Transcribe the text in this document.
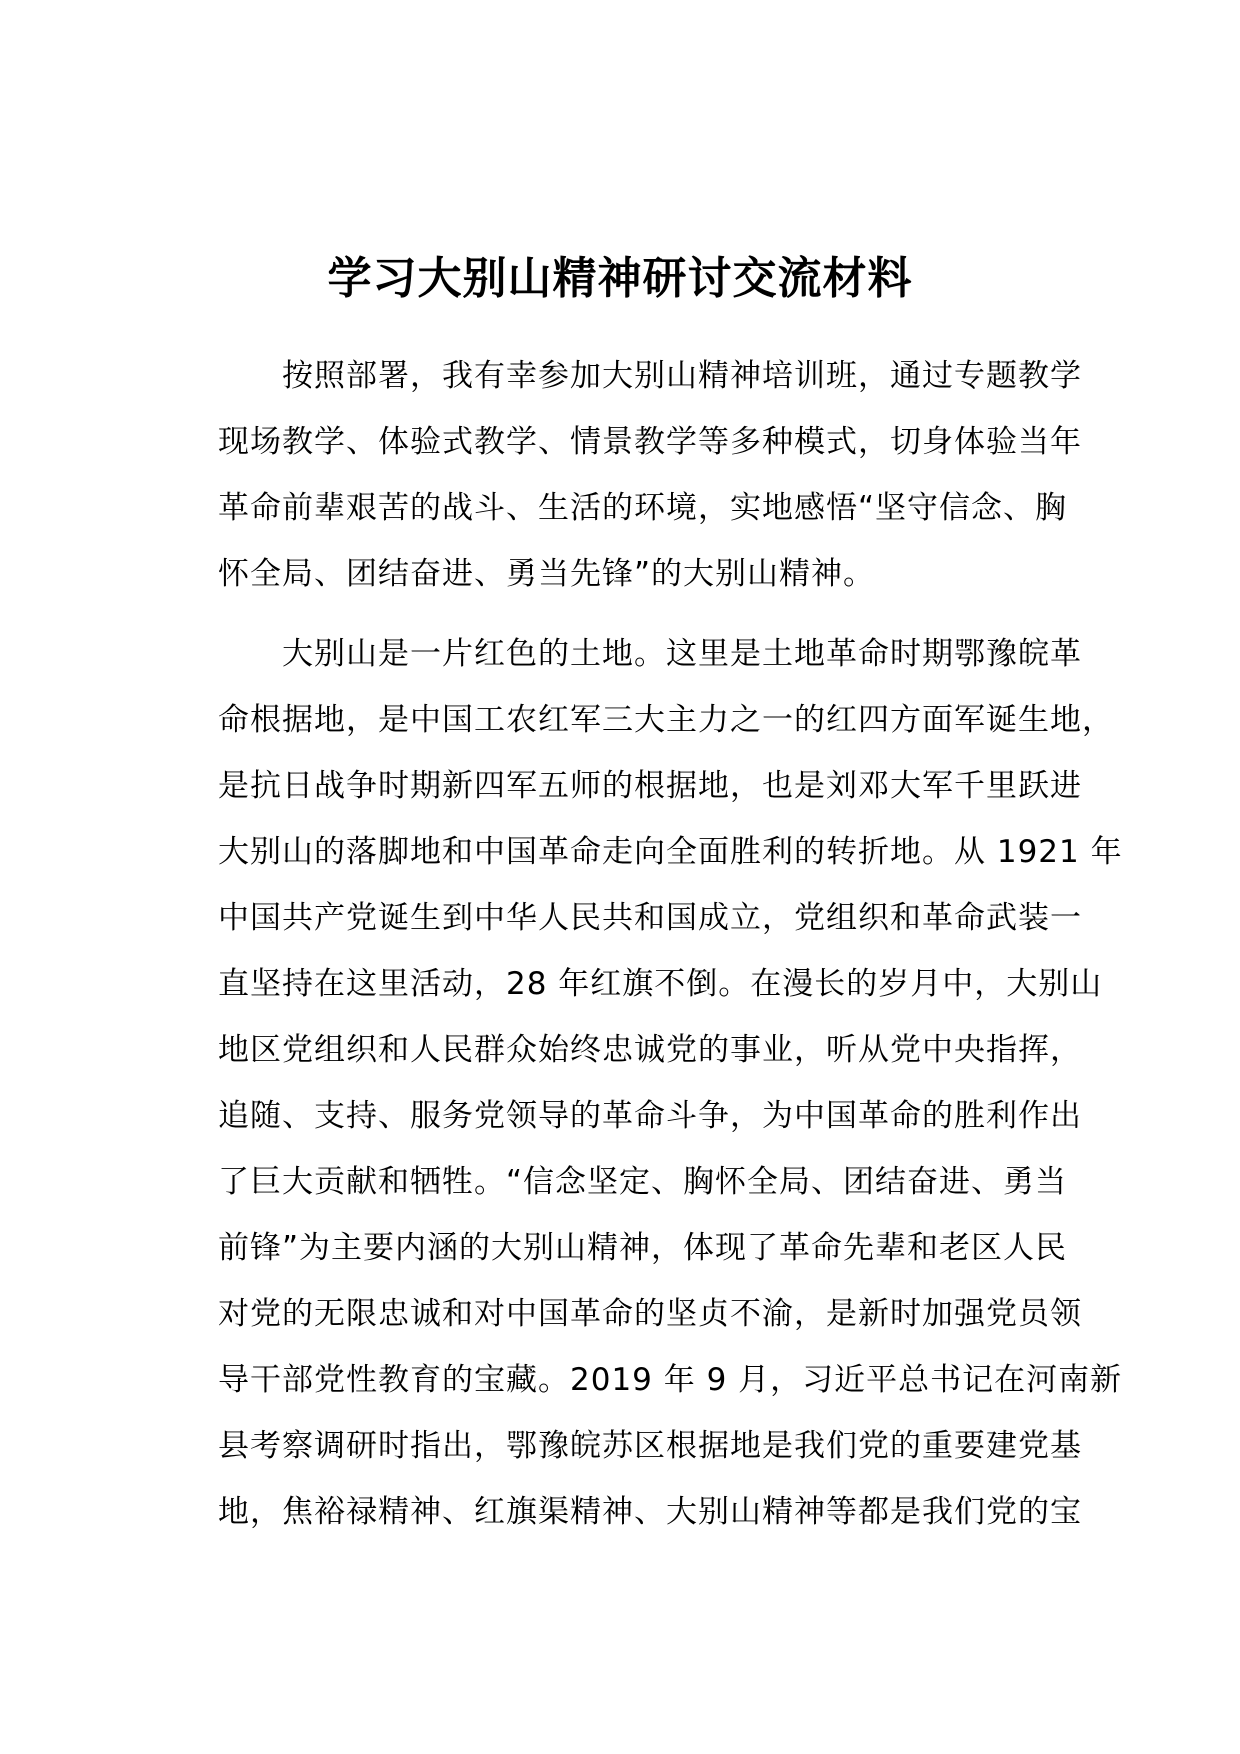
学习大别山精神研讨交流材料
按照部署，我有幸参加大别山精神培训班，通过专题教学
现场教学、体验式教学、情景教学等多种模式，切身体验当年
革命前辈艰苦的战斗、生活的环境，实地感悟“坚守信念、胸
怀全局、团结奋进、勇当先锋”的大别山精神。
大别山是一片红色的土地。这里是土地革命时期鄂豫皖革
命根据地，是中国工农红军三大主力之一的红四方面军诞生地，
是抗日战争时期新四军五师的根据地，也是刘邓大军千里跃进
大别山的落脚地和中国革命走向全面胜利的转折地。从 1921 年
中国共产党诞生到中华人民共和国成立，党组织和革命武装一
直坚持在这里活动，28 年红旗不倒。在漫长的岁月中，大别山
地区党组织和人民群众始终忠诚党的事业，听从党中央指挥，
追随、支持、服务党领导的革命斗争，为中国革命的胜利作出
了巨大贡献和牺牲。“信念坚定、胸怀全局、团结奋进、勇当
前锋”为主要内涵的大别山精神，体现了革命先辈和老区人民
对党的无限忠诚和对中国革命的坚贞不渝，是新时加强党员领
导干部党性教育的宝藏。2019 年 9 月，习近平总书记在河南新
县考察调研时指出，鄂豫皖苏区根据地是我们党的重要建党基
地，焦裕禄精神、红旗渠精神、大别山精神等都是我们党的宝
